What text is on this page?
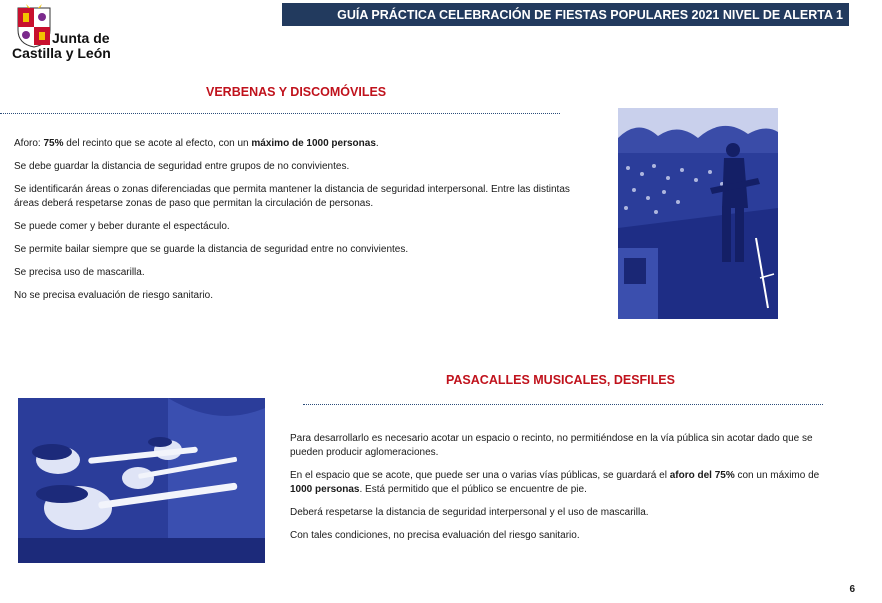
Junta de
Castilla y León
GUÍA PRÁCTICA CELEBRACIÓN DE FIESTAS POPULARES 2021 NIVEL DE ALERTA 1
VERBENAS Y DISCOMÓVILES

Aforo: 75% del recinto que se acote al efecto, con un máximo de 1000 personas.

Se debe guardar la distancia de seguridad entre grupos de no convivientes.

Se identificarán áreas o zonas diferenciadas que permita mantener la distancia de seguridad interpersonal. Entre las distintas áreas deberá respetarse zonas de paso que permitan la circulación de personas.

Se puede comer y beber durante el espectáculo.

Se permite bailar siempre que se guarde la distancia de seguridad entre no convivientes.

Se precisa uso de mascarilla.

No se precisa evaluación de riesgo sanitario.

PASACALLES MUSICALES, DESFILES

Para desarrollarlo es necesario acotar un espacio o recinto, no permitiéndose en la vía pública sin acotar dado que se pueden producir aglomeraciones.

En el espacio que se acote, que puede ser una o varias vías públicas, se guardará el aforo del 75% con un máximo de 1000 personas. Está permitido que el público se encuentre de pie.

Deberá respetarse la distancia de seguridad interpersonal y el uso de mascarilla.

Con tales condiciones, no precisa evaluación del riesgo sanitario.

6
